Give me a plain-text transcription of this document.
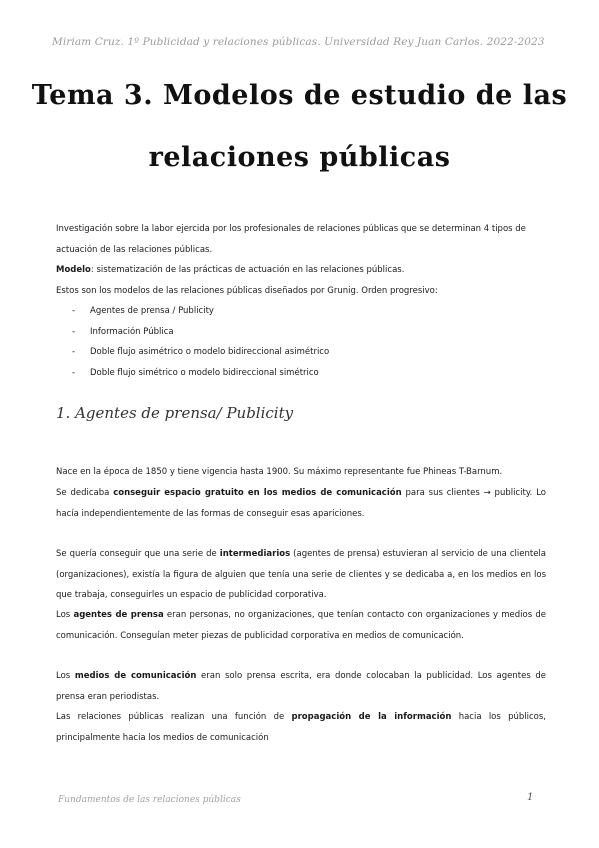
Miriam Cruz. 1º Publicidad y relaciones públicas. Universidad Rey Juan Carlos. 2022-2023
Tema 3. Modelos de estudio de las
relaciones públicas
Investigación sobre la labor ejercida por los profesionales de relaciones públicas que se determinan 4 tipos de
actuación de las relaciones públicas.
Modelo: sistematización de las prácticas de actuación en las relaciones públicas.
Estos son los modelos de las relaciones públicas diseñados por Grunig. Orden progresivo:
- Agentes de prensa / Publicity
- Información Pública
- Doble flujo asimétrico o modelo bidireccional asimétrico
- Doble flujo simétrico o modelo bidireccional simétrico
1. Agentes de prensa/ Publicity
Nace en la época de 1850 y tiene vigencia hasta 1900. Su máximo representante fue Phineas T-Barnum.
Se dedicaba conseguir espacio gratuito en los medios de comunicación para sus clientes → publicity. Lo hacía independientemente de las formas de conseguir esas apariciones.
Se quería conseguir que una serie de intermediarios (agentes de prensa) estuvieran al servicio de una clientela (organizaciones), existía la figura de alguien que tenía una serie de clientes y se dedicaba a, en los medios en los que trabaja, conseguirles un espacio de publicidad corporativa.
Los agentes de prensa eran personas, no organizaciones, que tenían contacto con organizaciones y medios de comunicación. Conseguían meter piezas de publicidad corporativa en medios de comunicación.
Los medios de comunicación eran solo prensa escrita, era donde colocaban la publicidad. Los agentes de prensa eran periodistas.
Las relaciones públicas realizan una función de propagación de la información hacia los públicos, principalmente hacia los medios de comunicación
Fundamentos de las relaciones públicas	1
